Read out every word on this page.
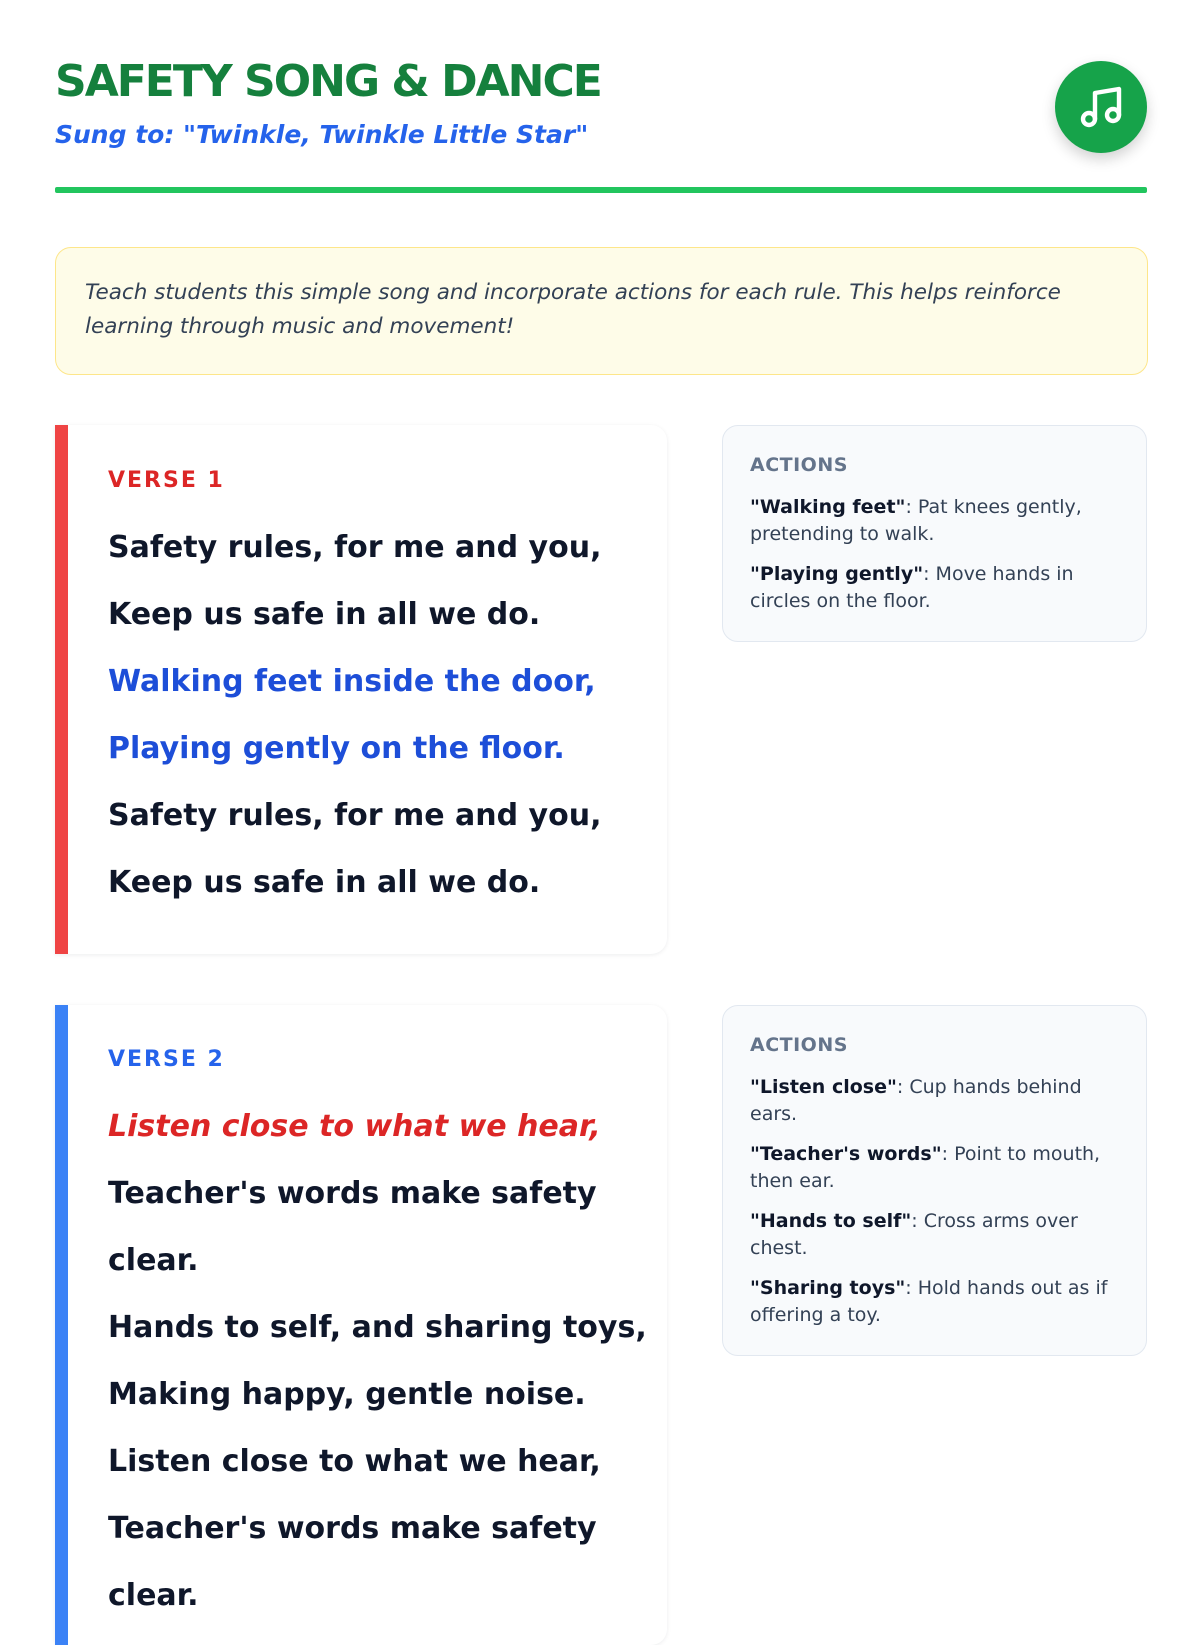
SAFETY SONG & DANCE

Sung to: "Twinkle, Twinkle Little Star"

Teach students this simple song and incorporate actions for each rule. This helps reinforce learning through music and movement!
VERSE 1
Safety rules, for me and you,
Keep us safe in all we do.
Walking feet inside the door,
Playing gently on the floor.
Safety rules, for me and you,
Keep us safe in all we do.
ACTIONS
"Walking feet": Pat knees gently, pretending to walk.
"Playing gently": Move hands in circles on the floor.
VERSE 2
Listen close to what we hear,
Teacher's words make safety
clear.
Hands to self, and sharing toys,
Making happy, gentle noise.
Listen close to what we hear,
Teacher's words make safety
clear.
ACTIONS
"Listen close": Cup hands behind ears.
"Teacher's words": Point to mouth, then ear.
"Hands to self": Cross arms over chest.
"Sharing toys": Hold hands out as if offering a toy.
